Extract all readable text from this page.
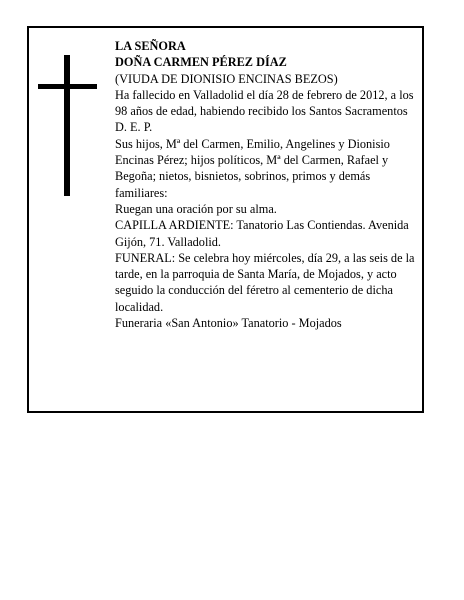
LA SEÑORA
DOÑA CARMEN PÉREZ DÍAZ
(VIUDA DE DIONISIO ENCINAS BEZOS)
Ha fallecido en Valladolid el día 28 de febrero de 2012, a los 98 años de edad, habiendo recibido los Santos Sacramentos
D. E. P.
Sus hijos, Mª del Carmen, Emilio, Angelines y Dionisio Encinas Pérez; hijos políticos, Mª del Carmen, Rafael y Begoña; nietos, bisnietos, sobrinos, primos y demás familiares:
Ruegan una oración por su alma.
CAPILLA ARDIENTE: Tanatorio Las Contiendas. Avenida Gijón, 71. Valladolid.
FUNERAL: Se celebra hoy miércoles, día 29, a las seis de la tarde, en la parroquia de Santa María, de Mojados, y acto seguido la conducción del féretro al cementerio de dicha localidad.
Funeraria «San Antonio» Tanatorio - Mojados
